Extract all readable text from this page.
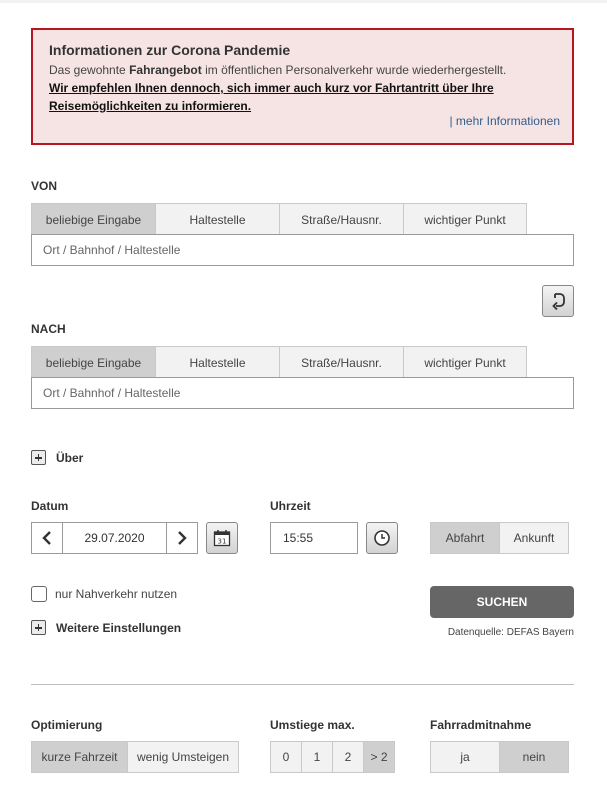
Informationen zur Corona Pandemie

Das gewohnte Fahrangebot im öffentlichen Personalverkehr wurde wiederhergestellt.

Wir empfehlen Ihnen dennoch, sich immer auch kurz vor Fahrtantritt über Ihre Reisemöglichkeiten zu informieren.

| mehr Informationen
VON
beliebige Eingabe	Haltestelle	Straße/Hausnr.	wichtiger Punkt
Ort / Bahnhof / Haltestelle
NACH
beliebige Eingabe	Haltestelle	Straße/Hausnr.	wichtiger Punkt
Ort / Bahnhof / Haltestelle
Über
Datum
29.07.2020	31
Uhrzeit
15:55
Abfahrt	Ankunft
nur Nahverkehr nutzen
Weitere Einstellungen
SUCHEN
Datenquelle: DEFAS Bayern
Optimierung
kurze Fahrzeit	wenig Umsteigen
Umstiege max.
0	1	2	> 2
Fahrradmitnahme
ja	nein
